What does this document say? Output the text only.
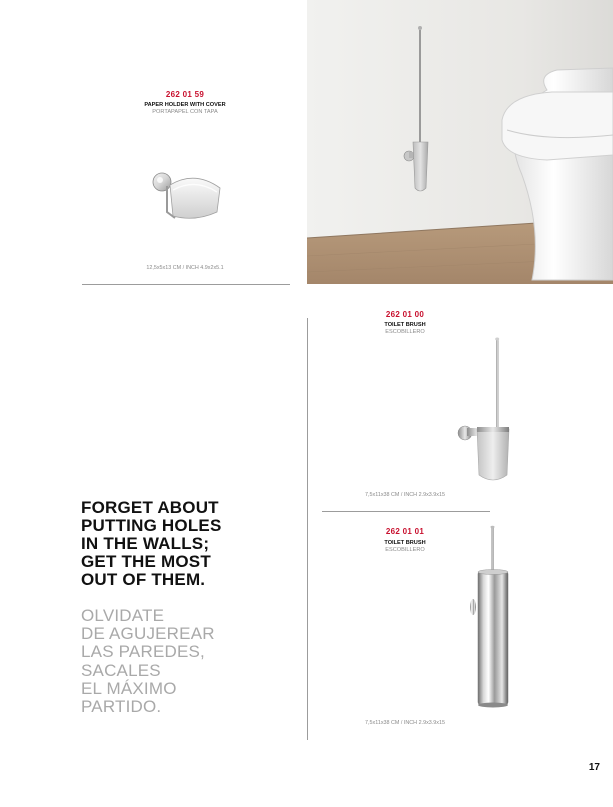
262 01 59
PAPER HOLDER WITH COVER
PORTAPAPEL CON TAPA
12,5x5x13 CM / INCH 4.9x2x5.1
262 01 00
TOILET BRUSH
ESCOBILLERO
7,5x11x38 CM / INCH 2.9x3.9x15
262 01 01
TOILET BRUSH
ESCOBILLERO
7,5x11x38 CM / INCH 2.9x3.9x15
FORGET ABOUT
PUTTING HOLES
IN THE WALLS;
GET THE MOST
OUT OF THEM.
OLVIDATE
DE AGUJEREAR
LAS PAREDES,
SACALES
EL MÁXIMO
PARTIDO.
17
